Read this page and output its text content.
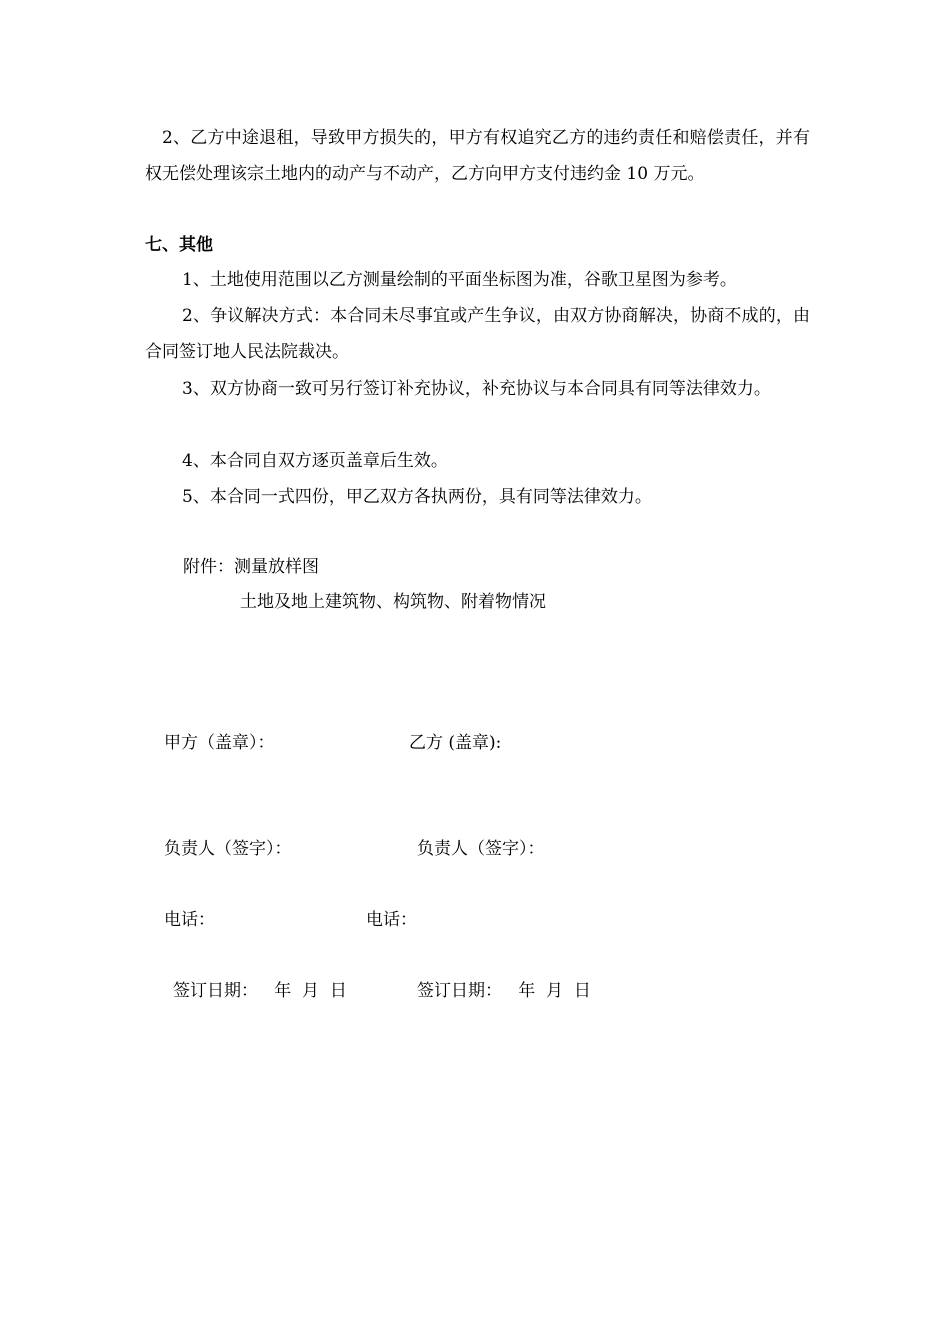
2、乙方中途退租，导致甲方损失的，甲方有权追究乙方的违约责任和赔偿责任，并有权无偿处理该宗土地内的动产与不动产，乙方向甲方支付违约金 10 万元。
七、其他
1、土地使用范围以乙方测量绘制的平面坐标图为准，谷歌卫星图为参考。
2、争议解决方式：本合同未尽事宜或产生争议，由双方协商解决，协商不成的，由合同签订地人民法院裁决。
3、双方协商一致可另行签订补充协议，补充协议与本合同具有同等法律效力。
4、本合同自双方逐页盖章后生效。
5、本合同一式四份，甲乙双方各执两份，具有同等法律效力。
附件：测量放样图
土地及地上建筑物、构筑物、附着物情况
甲方（盖章）：	乙方 (盖章):
负责人（签字）：	负责人（签字）：
电话：	电话：
签订日期：   年  月  日	签订日期：   年  月  日
